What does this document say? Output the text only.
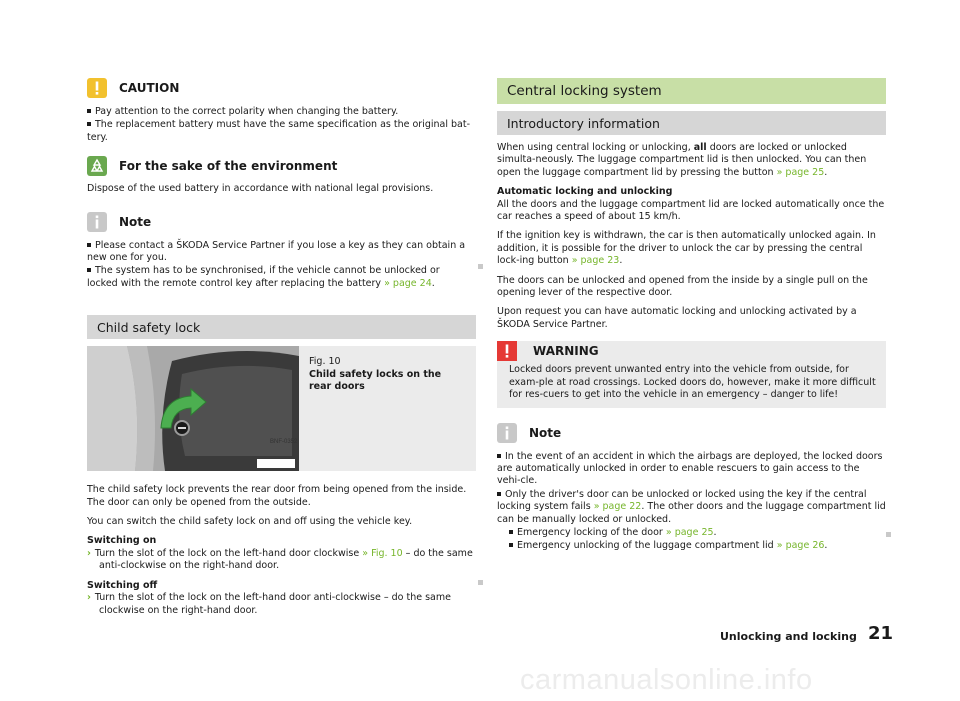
CAUTION

Pay attention to the correct polarity when changing the battery.

The replacement battery must have the same specification as the original bat-tery.

For the sake of the environment

Dispose of the used battery in accordance with national legal provisions.

Note

Please contact a ŠKODA Service Partner if you lose a key as they can obtain a new one for you.

The system has to be synchronised, if the vehicle cannot be unlocked or locked with the remote control key after replacing the battery » page 24.

Child safety lock
Fig. 10
Child safety locks on the rear doors
BNF-0352

The child safety lock prevents the rear door from being opened from the inside. The door can only be opened from the outside.

You can switch the child safety lock on and off using the vehicle key.

Switching on

› Turn the slot of the lock on the left-hand door clockwise » Fig. 10 – do the same anti-clockwise on the right-hand door.

Switching off

› Turn the slot of the lock on the left-hand door anti-clockwise – do the same clockwise on the right-hand door.

Central locking system
Introductory information

When using central locking or unlocking, all doors are locked or unlocked simulta-neously. The luggage compartment lid is then unlocked. You can then open the luggage compartment lid by pressing the button » page 25.

Automatic locking and unlocking

All the doors and the luggage compartment lid are locked automatically once the car reaches a speed of about 15 km/h.

If the ignition key is withdrawn, the car is then automatically unlocked again. In addition, it is possible for the driver to unlock the car by pressing the central lock-ing button » page 23.

The doors can be unlocked and opened from the inside by a single pull on the opening lever of the respective door.

Upon request you can have automatic locking and unlocking activated by a ŠKODA Service Partner.

WARNING

Locked doors prevent unwanted entry into the vehicle from outside, for exam-ple at road crossings. Locked doors do, however, make it more difficult for res-cuers to get into the vehicle in an emergency – danger to life!

Note

In the event of an accident in which the airbags are deployed, the locked doors are automatically unlocked in order to enable rescuers to gain access to the vehi-cle.

Only the driver's door can be unlocked or locked using the key if the central locking system fails » page 22. The other doors and the luggage compartment lid can be manually locked or unlocked.

Emergency locking of the door » page 25.

Emergency unlocking of the luggage compartment lid » page 26.

Unlocking and locking 21
carmanualsonline.info
